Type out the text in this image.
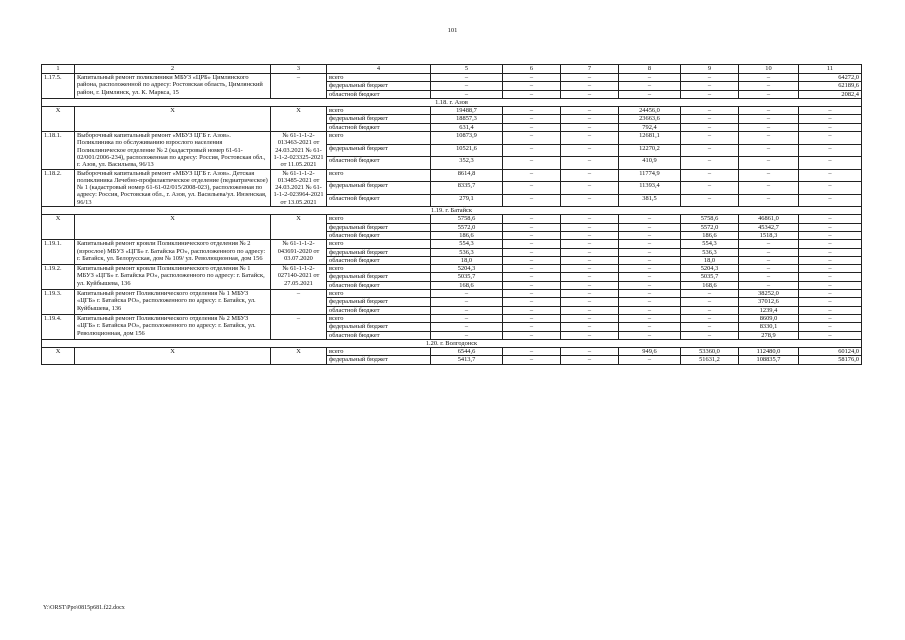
101
1	2	3	4	5	6	7	8	9	10	11
1.17.5.	Капитальный ремонт поликлиники МБУЗ «ЦРБ» Цимлянского района, расположенной по адресу: Ростовская область, Цимлянский район, г. Цимлянск, ул. К. Маркса, 15	–	всего	–	–	–	–	–	–	64272,0
			федеральный бюджет	–	–	–	–	–	–	62189,6
			областной бюджет	–	–	–	–	–	–	2082,4
1.18. г. Азов										
Х	Х	Х	всего	19488,7	–	–	24456,0	–	–	–
			федеральный бюджет	18857,3	–	–	23663,6	–	–	–
			областной бюджет	631,4	–	–	792,4	–	–	–
1.18.1.	Выборочный капитальный ремонт «МБУЗ ЦГБ г. Азов». Поликлиника по обслуживанию взрослого населения Поликлиническое отделение № 2 (кадастровый номер 61-61-02/001/2006-234), расположенная по адресу: Россия, Ростовская обл., г. Азов, ул. Васильева, 96/13	№ 61-1-1-2-013463-2021 от 24.03.2021 № 61-1-1-2-023325-2021 от 11.05.2021	всего	10873,9	–	–	12681,1	–	–	–
			федеральный бюджет	10521,6	–	–	12270,2	–	–	–
			областной бюджет	352,3	–	–	410,9	–	–	–
1.18.2.	Выборочный капитальный ремонт «МБУЗ ЦГБ г. Азов». Детская поликлиника Лечебно-профилактическое отделение (педиатрическое) № 1 (кадастровый номер 61-61-02/015/2008-023), расположенная по адресу: Россия, Ростовская обл., г. Азов, ул. Васильева/ул. Инзенская, 96/13	№ 61-1-1-2-013485-2021 от 24.03.2021 № 61-1-1-2-023964-2021 от 13.05.2021	всего	8614,8	–	–	11774,9	–	–	–
			федеральный бюджет	8335,7	–	–	11393,4	–	–	–
			областной бюджет	279,1	–	–	381,5	–	–	–
1.19. г. Батайск										
Х	Х	Х	всего	5758,6	–	–	–	5758,6	46861,0	–
			федеральный бюджет	5572,0	–	–	–	5572,0	45342,7	–
			областной бюджет	186,6	–	–	–	186,6	1518,3	–
1.19.1.	Капитальный ремонт кровли Поликлинического отделения № 2 (взрослое) МБУЗ «ЦГБ» г. Батайска РО», расположенного по адресу: г. Батайск, ул. Белорусская, дом № 109/ ул. Революционная, дом 156	№ 61-1-1-2-043691-2020 от 03.07.2020	всего	554,3	–	–	–	554,3	–	–
			федеральный бюджет	536,3	–	–	–	536,3	–	–
			областной бюджет	18,0	–	–	–	18,0	–	–
1.19.2.	Капитальный ремонт кровли Поликлинического отделения № 1 МБУЗ «ЦГБ» г. Батайска РО», расположенного по адресу: г. Батайск, ул. Куйбышева, 136	№ 61-1-1-2-027140-2021 от 27.05.2021	всего	5204,3	–	–	–	5204,3	–	–
			федеральный бюджет	5035,7	–	–	–	5035,7	–	–
			областной бюджет	168,6	–	–	–	168,6	–	–
1.19.3.	Капитальный ремонт Поликлинического отделения № 1 МБУЗ «ЦГБ» г. Батайска РО», расположенного по адресу: г. Батайск, ул. Куйбышева, 136	–	всего	–	–	–	–	–	38252,0	–
			федеральный бюджет	–	–	–	–	–	37012,6	–
			областной бюджет	–	–	–	–	–	1239,4	–
1.19.4.	Капитальный ремонт Поликлинического отделения № 2 МБУЗ «ЦГБ» г. Батайска РО», расположенного по адресу: г. Батайск, ул. Революционная, дом 156	–	всего	–	–	–	–	–	8609,0	–
			федеральный бюджет	–	–	–	–	–	8330,1	–
			областной бюджет	–	–	–	–	–	278,9	–
1.20. г. Волгодонск										
Х	Х	Х	всего	6544,6	–	–	949,6	53360,0	112480,0	60124,0
			федеральный бюджет	5413,7	–	–	–	51631,2	108835,7	58176,0
Y:\ORST\Ppo\0815p681.f22.docx
